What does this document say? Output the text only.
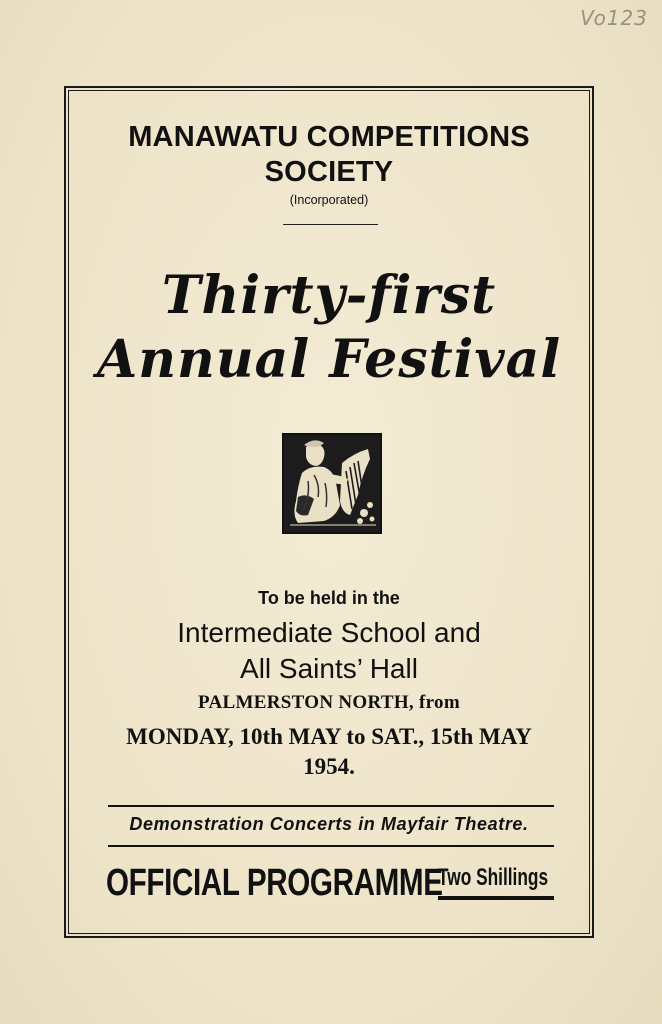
Vo123
MANAWATU COMPETITIONS
SOCIETY
(Incorporated)
Thirty-first
Annual Festival
To be held in the
Intermediate School and
All Saints’ Hall
PALMERSTON NORTH, from
MONDAY, 10th MAY to SAT., 15th MAY
1954.
Demonstration Concerts in Mayfair Theatre.
OFFICIAL PROGRAMME
Two Shillings
